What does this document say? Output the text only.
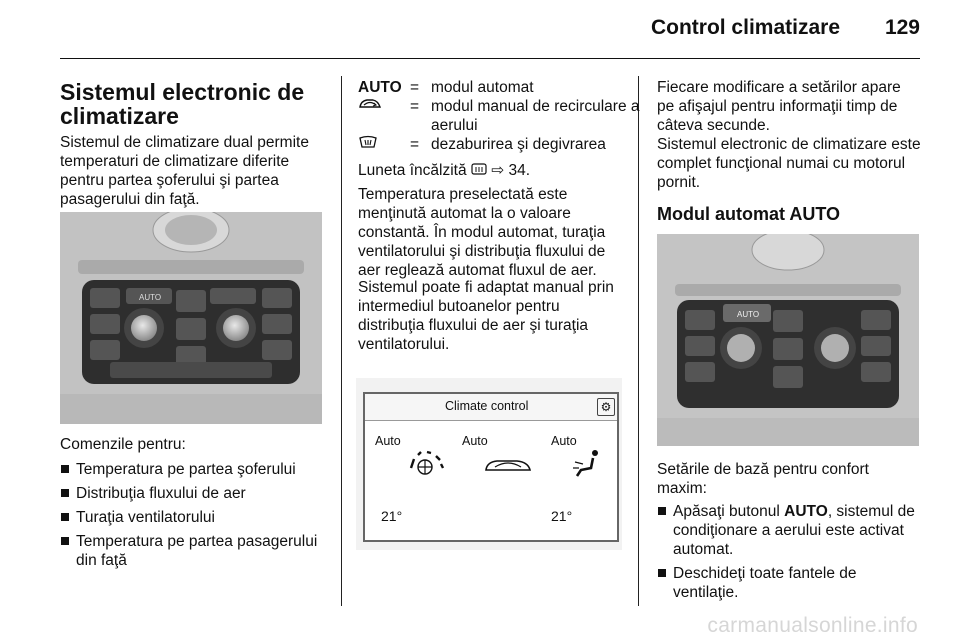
Control climatizare 129
Sistemul electronic de climatizare

Sistemul de climatizare dual permite temperaturi de climatizare diferite pentru partea şoferului şi partea pasagerului din faţă.

AUTO

Comenzile pentru:

Temperatura pe partea şoferului
Distribuţia fluxului de aer
Turaţia ventilatorului
Temperatura pe partea pasagerului din faţă
AUTO = modul automat
= modul manual de recirculare a aerului
= dezaburirea şi degivrarea

Luneta încălzită ⇨ 34.

Temperatura preselectată este menţinută automat la o valoare constantă. În modul automat, turaţia ventilatorului şi distribuţia fluxului de aer reglează automat fluxul de aer.

Sistemul poate fi adaptat manual prin intermediul butoanelor pentru distribuţia fluxului de aer şi turaţia ventilatorului.

Climate control	⚙
Auto	Auto	Auto
21°	21°

Fiecare modificare a setărilor apare pe afişajul pentru informaţii timp de câteva secunde.

Sistemul electronic de climatizare este complet funcţional numai cu motorul pornit.

Modul automat AUTO
AUTO

Setările de bază pentru confort maxim:

Apăsaţi butonul AUTO, sistemul de condiţionare a aerului este activat automat.
Deschideţi toate fantele de ventilaţie.
carmanualsonline.info
